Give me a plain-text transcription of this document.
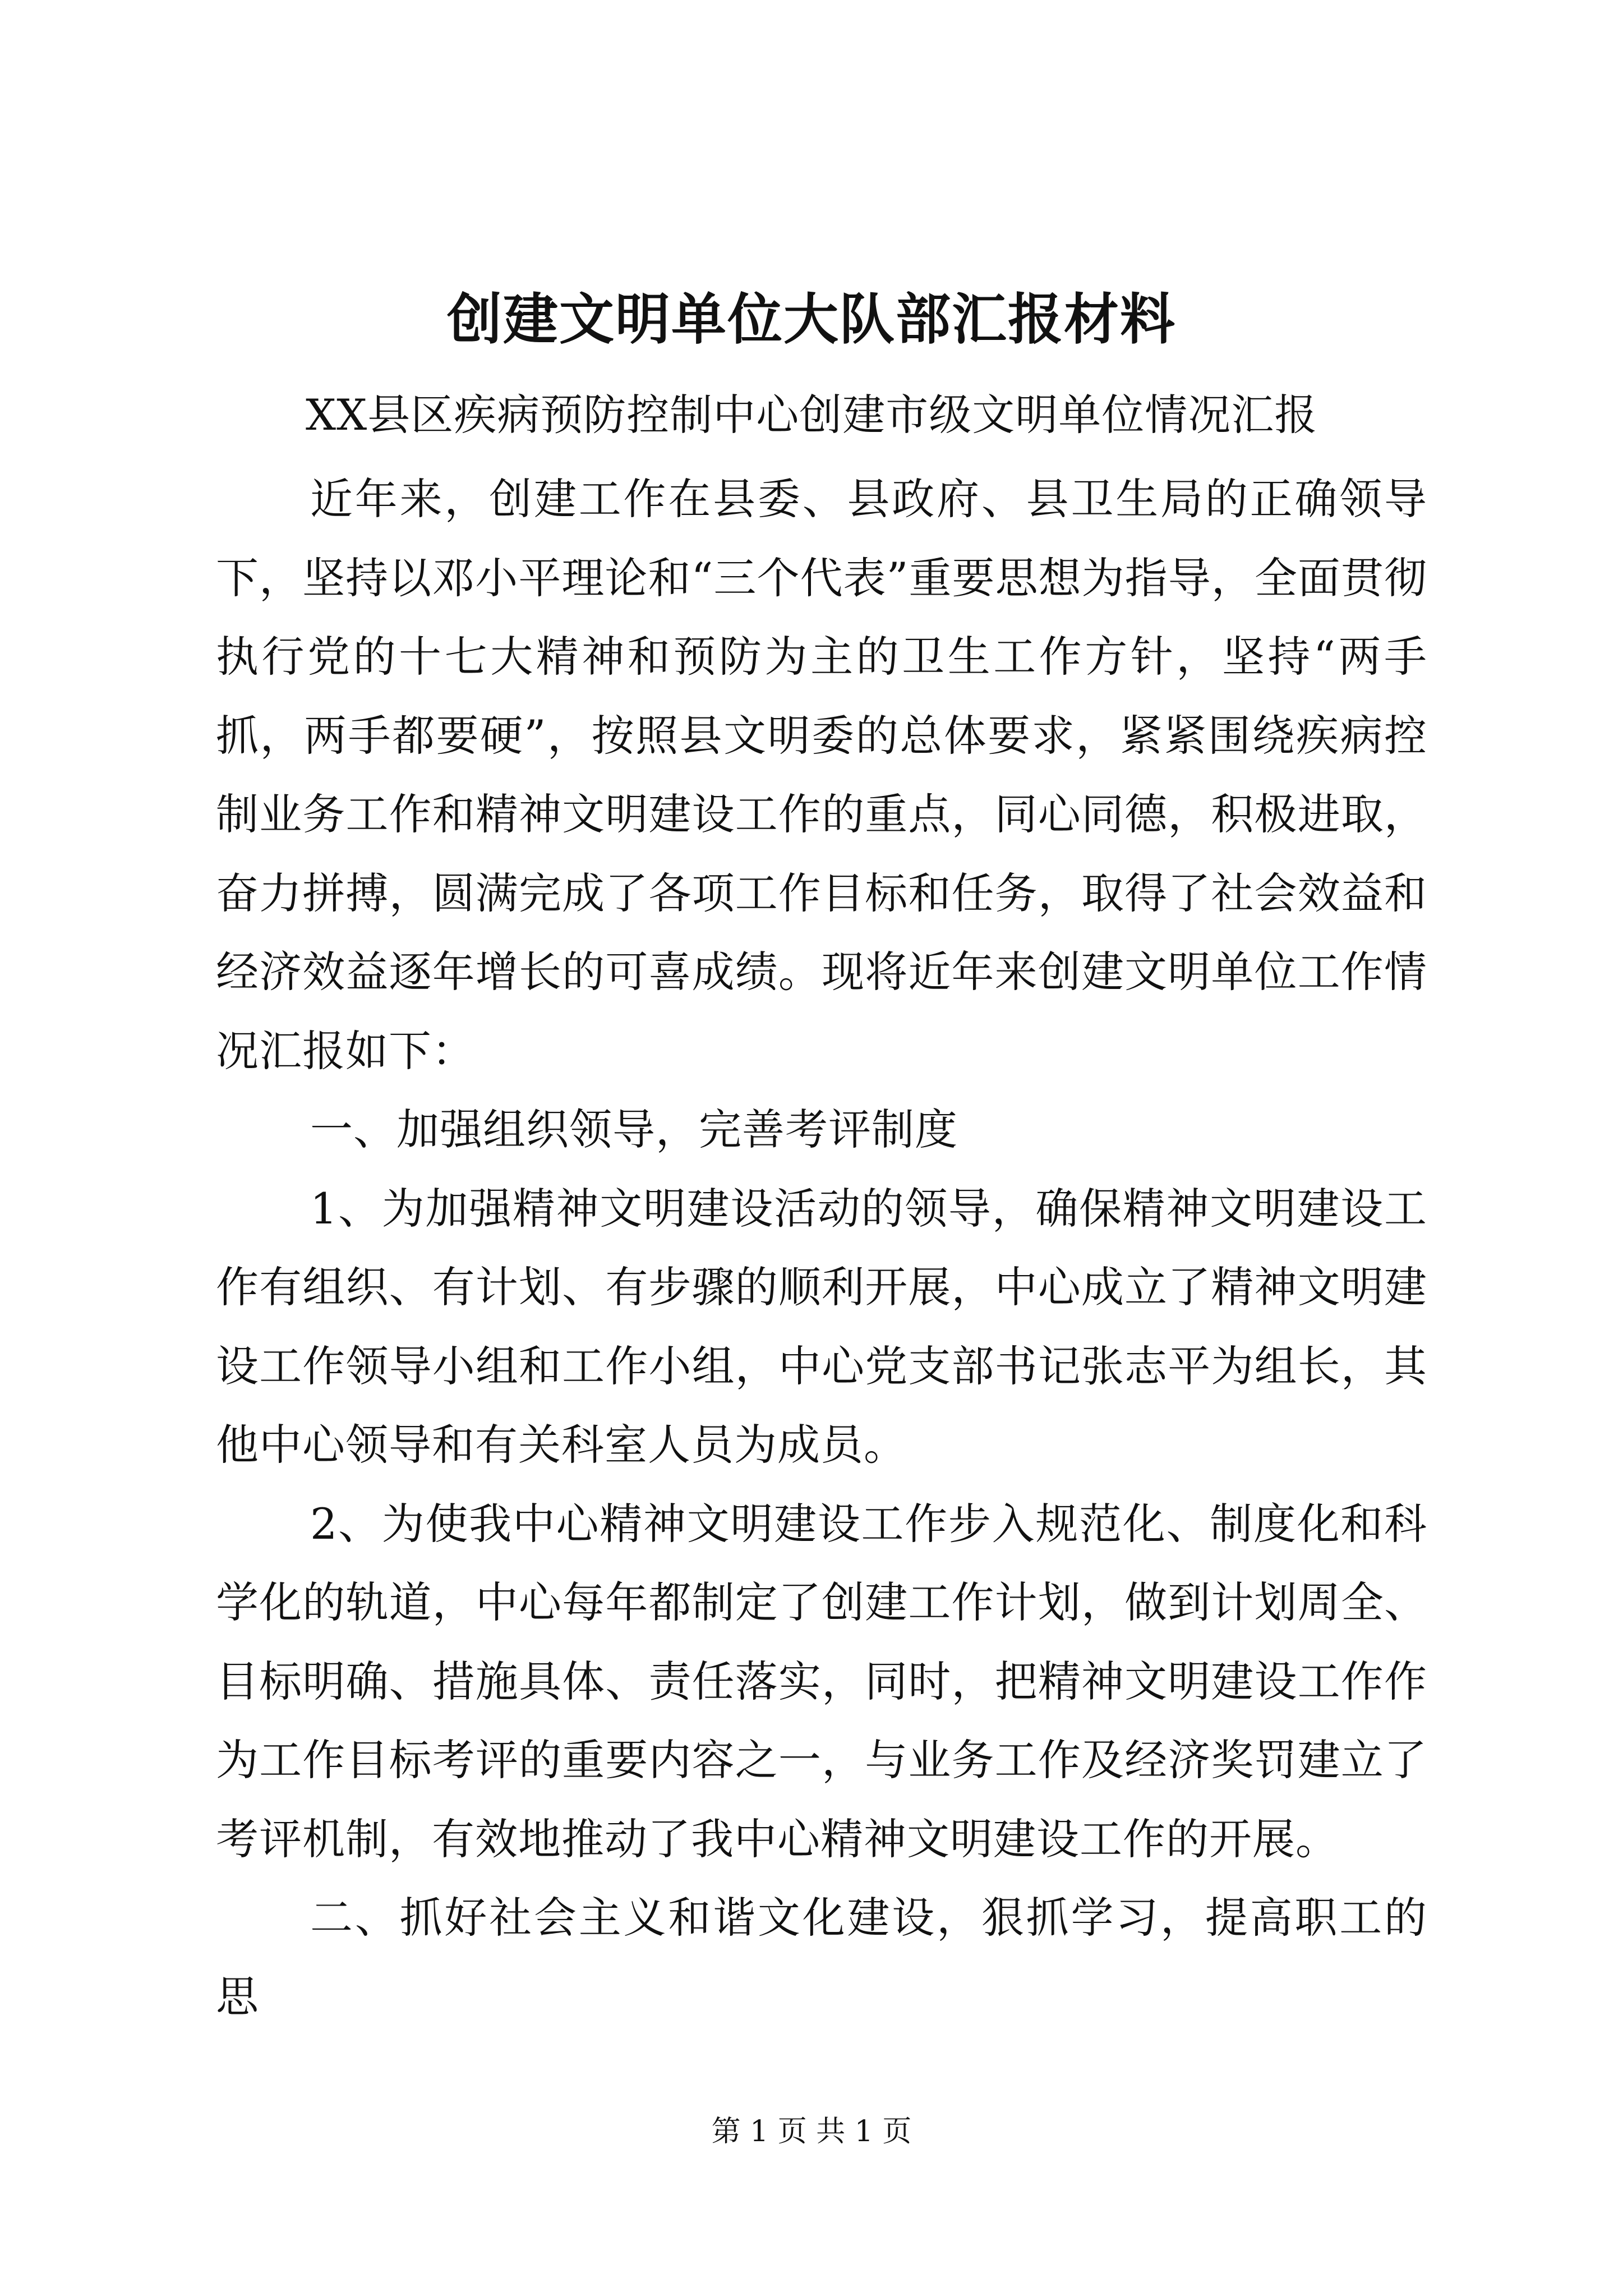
创建文明单位大队部汇报材料
XX县区疾病预防控制中心创建市级文明单位情况汇报

近年来，创建工作在县委、县政府、县卫生局的正确领导下，坚持以邓小平理论和“三个代表”重要思想为指导，全面贯彻执行党的十七大精神和预防为主的卫生工作方针，坚持“两手抓，两手都要硬”，按照县文明委的总体要求，紧紧围绕疾病控制业务工作和精神文明建设工作的重点，同心同德，积极进取，奋力拼搏，圆满完成了各项工作目标和任务，取得了社会效益和经济效益逐年增长的可喜成绩。现将近年来创建文明单位工作情况汇报如下：

一、加强组织领导，完善考评制度

1、为加强精神文明建设活动的领导，确保精神文明建设工作有组织、有计划、有步骤的顺利开展，中心成立了精神文明建设工作领导小组和工作小组，中心党支部书记张志平为组长，其他中心领导和有关科室人员为成员。

2、为使我中心精神文明建设工作步入规范化、制度化和科学化的轨道，中心每年都制定了创建工作计划，做到计划周全、目标明确、措施具体、责任落实，同时，把精神文明建设工作作为工作目标考评的重要内容之一，与业务工作及经济奖罚建立了考评机制，有效地推动了我中心精神文明建设工作的开展。

二、抓好社会主义和谐文化建设，狠抓学习，提高职工的思

第 1 页 共 1 页
